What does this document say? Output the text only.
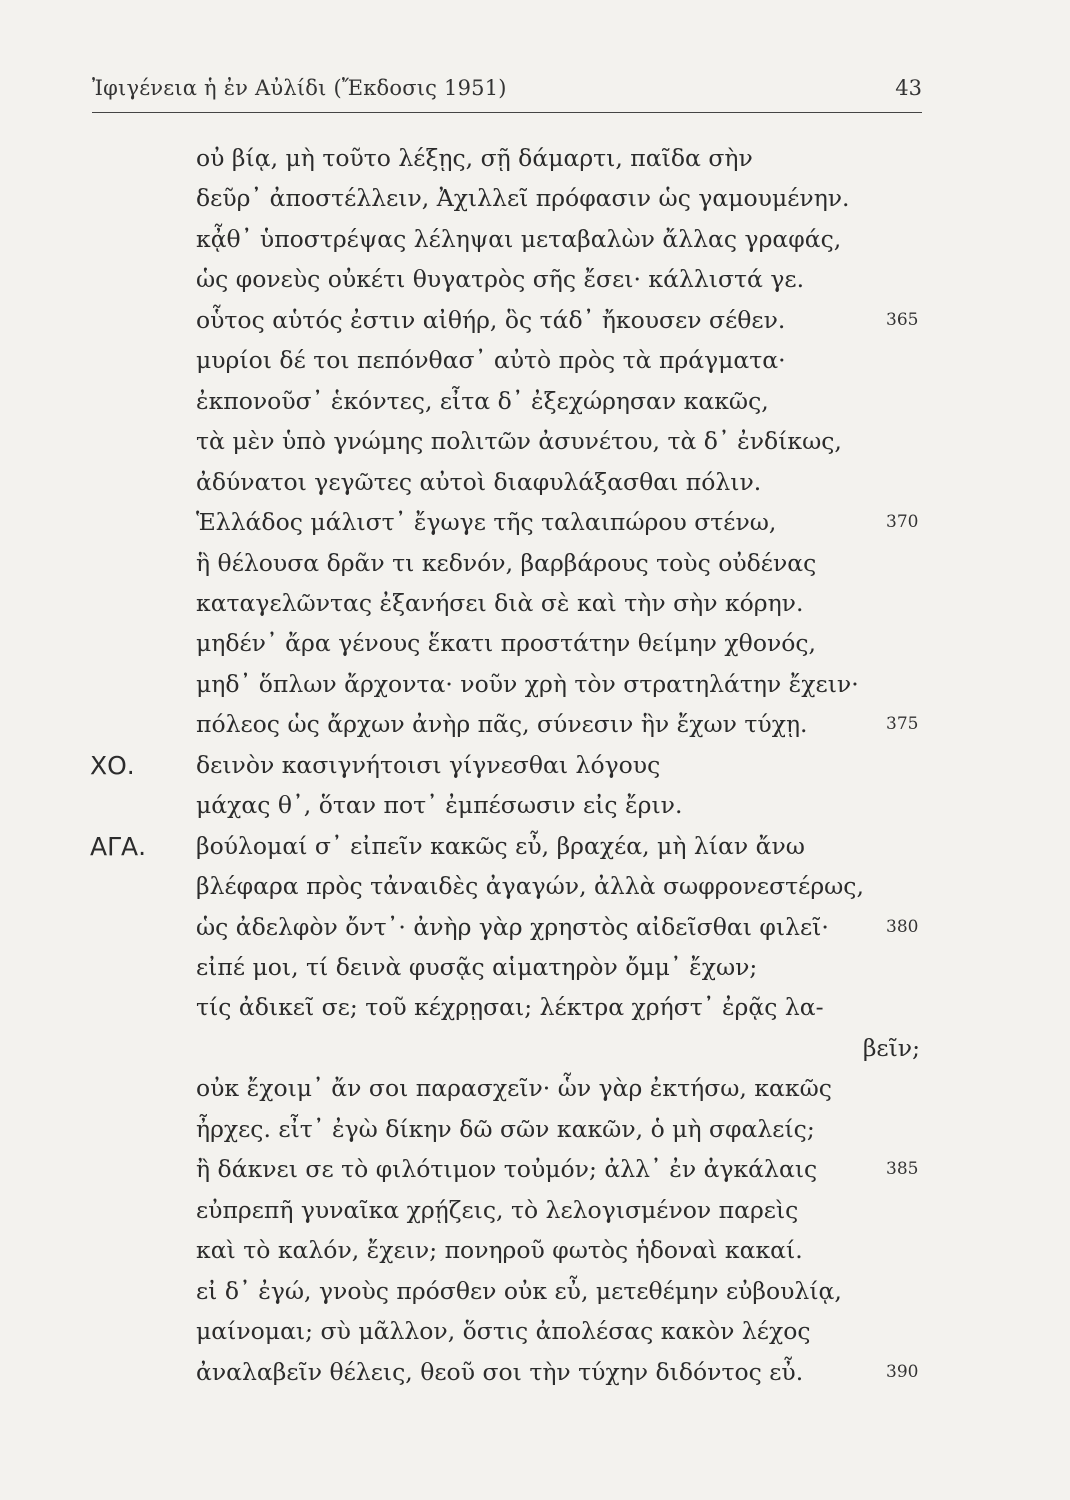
Ἰφιγένεια ἡ ἐν Αὐλίδι (Ἔκδοσις 1951)	43
οὐ βίᾳ, μὴ τοῦτο λέξῃς, σῇ δάμαρτι, παῖδα σὴν
δεῦρ᾽ ἀποστέλλειν, Ἀχιλλεῖ πρόφασιν ὡς γαμουμένην.
κᾆθ᾽ ὑποστρέψας λέληψαι μεταβαλὼν ἄλλας γραφάς,
ὡς φονεὺς οὐκέτι θυγατρὸς σῆς ἔσει· κάλλιστά γε.
οὗτος αὑτός ἐστιν αἰθήρ, ὃς τάδ᾽ ἤκουσεν σέθεν.	365
μυρίοι δέ τοι πεπόνθασ᾽ αὐτὸ πρὸς τὰ πράγματα·
ἐκπονοῦσ᾽ ἑκόντες, εἶτα δ᾽ ἐξεχώρησαν κακῶς,
τὰ μὲν ὑπὸ γνώμης πολιτῶν ἀσυνέτου, τὰ δ᾽ ἐνδίκως,
ἀδύνατοι γεγῶτες αὐτοὶ διαφυλάξασθαι πόλιν.
Ἑλλάδος μάλιστ᾽ ἔγωγε τῆς ταλαιπώρου στένω,	370
ἣ θέλουσα δρᾶν τι κεδνόν, βαρβάρους τοὺς οὐδένας
καταγελῶντας ἐξανήσει διὰ σὲ καὶ τὴν σὴν κόρην.
μηδέν᾽ ἄρα γένους ἕκατι προστάτην θείμην χθονός,
μηδ᾽ ὅπλων ἄρχοντα· νοῦν χρὴ τὸν στρατηλάτην ἔχειν·
πόλεος ὡς ἄρχων ἀνὴρ πᾶς, σύνεσιν ἣν ἔχων τύχῃ.	375
ΧΟ.	δεινὸν κασιγνήτοισι γίγνεσθαι λόγους
μάχας θ᾽, ὅταν ποτ᾽ ἐμπέσωσιν εἰς ἔριν.
ΑΓΑ. βούλομαί σ᾽ εἰπεῖν κακῶς εὖ, βραχέα, μὴ λίαν ἄνω
βλέφαρα πρὸς τἀναιδὲς ἀγαγών, ἀλλὰ σωφρονεστέρως,
ὡς ἀδελφὸν ὄντ᾽· ἀνὴρ γὰρ χρηστὸς αἰδεῖσθαι φιλεῖ·	380
εἰπέ μοι, τί δεινὰ φυσᾷς αἱματηρὸν ὄμμ᾽ ἔχων;
τίς ἀδικεῖ σε; τοῦ κέχρῃσαι; λέκτρα χρήστ᾽ ἐρᾷς λα-
βεῖν;
οὐκ ἔχοιμ᾽ ἄν σοι παρασχεῖν· ὧν γὰρ ἐκτήσω, κακῶς
ἦρχες. εἶτ᾽ ἐγὼ δίκην δῶ σῶν κακῶν, ὁ μὴ σφαλείς;
ἢ δάκνει σε τὸ φιλότιμον τοὐμόν; ἀλλ᾽ ἐν ἀγκάλαις	385
εὐπρεπῆ γυναῖκα χρῄζεις, τὸ λελογισμένον παρεὶς
καὶ τὸ καλόν, ἔχειν; πονηροῦ φωτὸς ἡδοναὶ κακαί.
εἰ δ᾽ ἐγώ, γνοὺς πρόσθεν οὐκ εὖ, μετεθέμην εὐβουλίᾳ,
μαίνομαι; σὺ μᾶλλον, ὅστις ἀπολέσας κακὸν λέχος
ἀναλαβεῖν θέλεις, θεοῦ σοι τὴν τύχην διδόντος εὖ.	390
